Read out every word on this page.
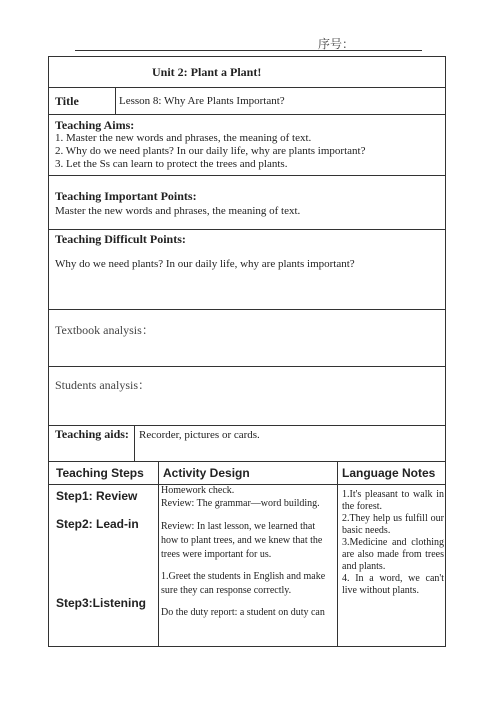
序号：
Unit 2: Plant a Plant!
Title	Lesson 8: Why Are Plants Important?
Teaching Aims:
1. Master the new words and phrases, the meaning of text.
2. Why do we need plants? In our daily life, why are plants important?
3. Let the Ss can learn to protect the trees and plants.
Teaching Important Points:
Master the new words and phrases, the meaning of text.
Teaching Difficult Points:
Why do we need plants? In our daily life, why are plants important?
Textbook analysis：
Students analysis：
Teaching aids: Recorder, pictures or cards.
Teaching Steps Activity Design	Language Notes
Step1: Review
Step2: Lead-in
Step3:Listening
Homework check.
Review: The grammar—word building.
Review: In last lesson, we learned that
how to plant trees, and we knew that the
trees were important for us.
1.Greet the students in English and make
sure they can response correctly.
Do the duty report: a student on duty can
1.It's pleasant to walk in the forest.
2.They help us fulfill our basic needs.
3.Medicine and clothing are also made from trees and plants.
4. In a word, we can't live without plants.
